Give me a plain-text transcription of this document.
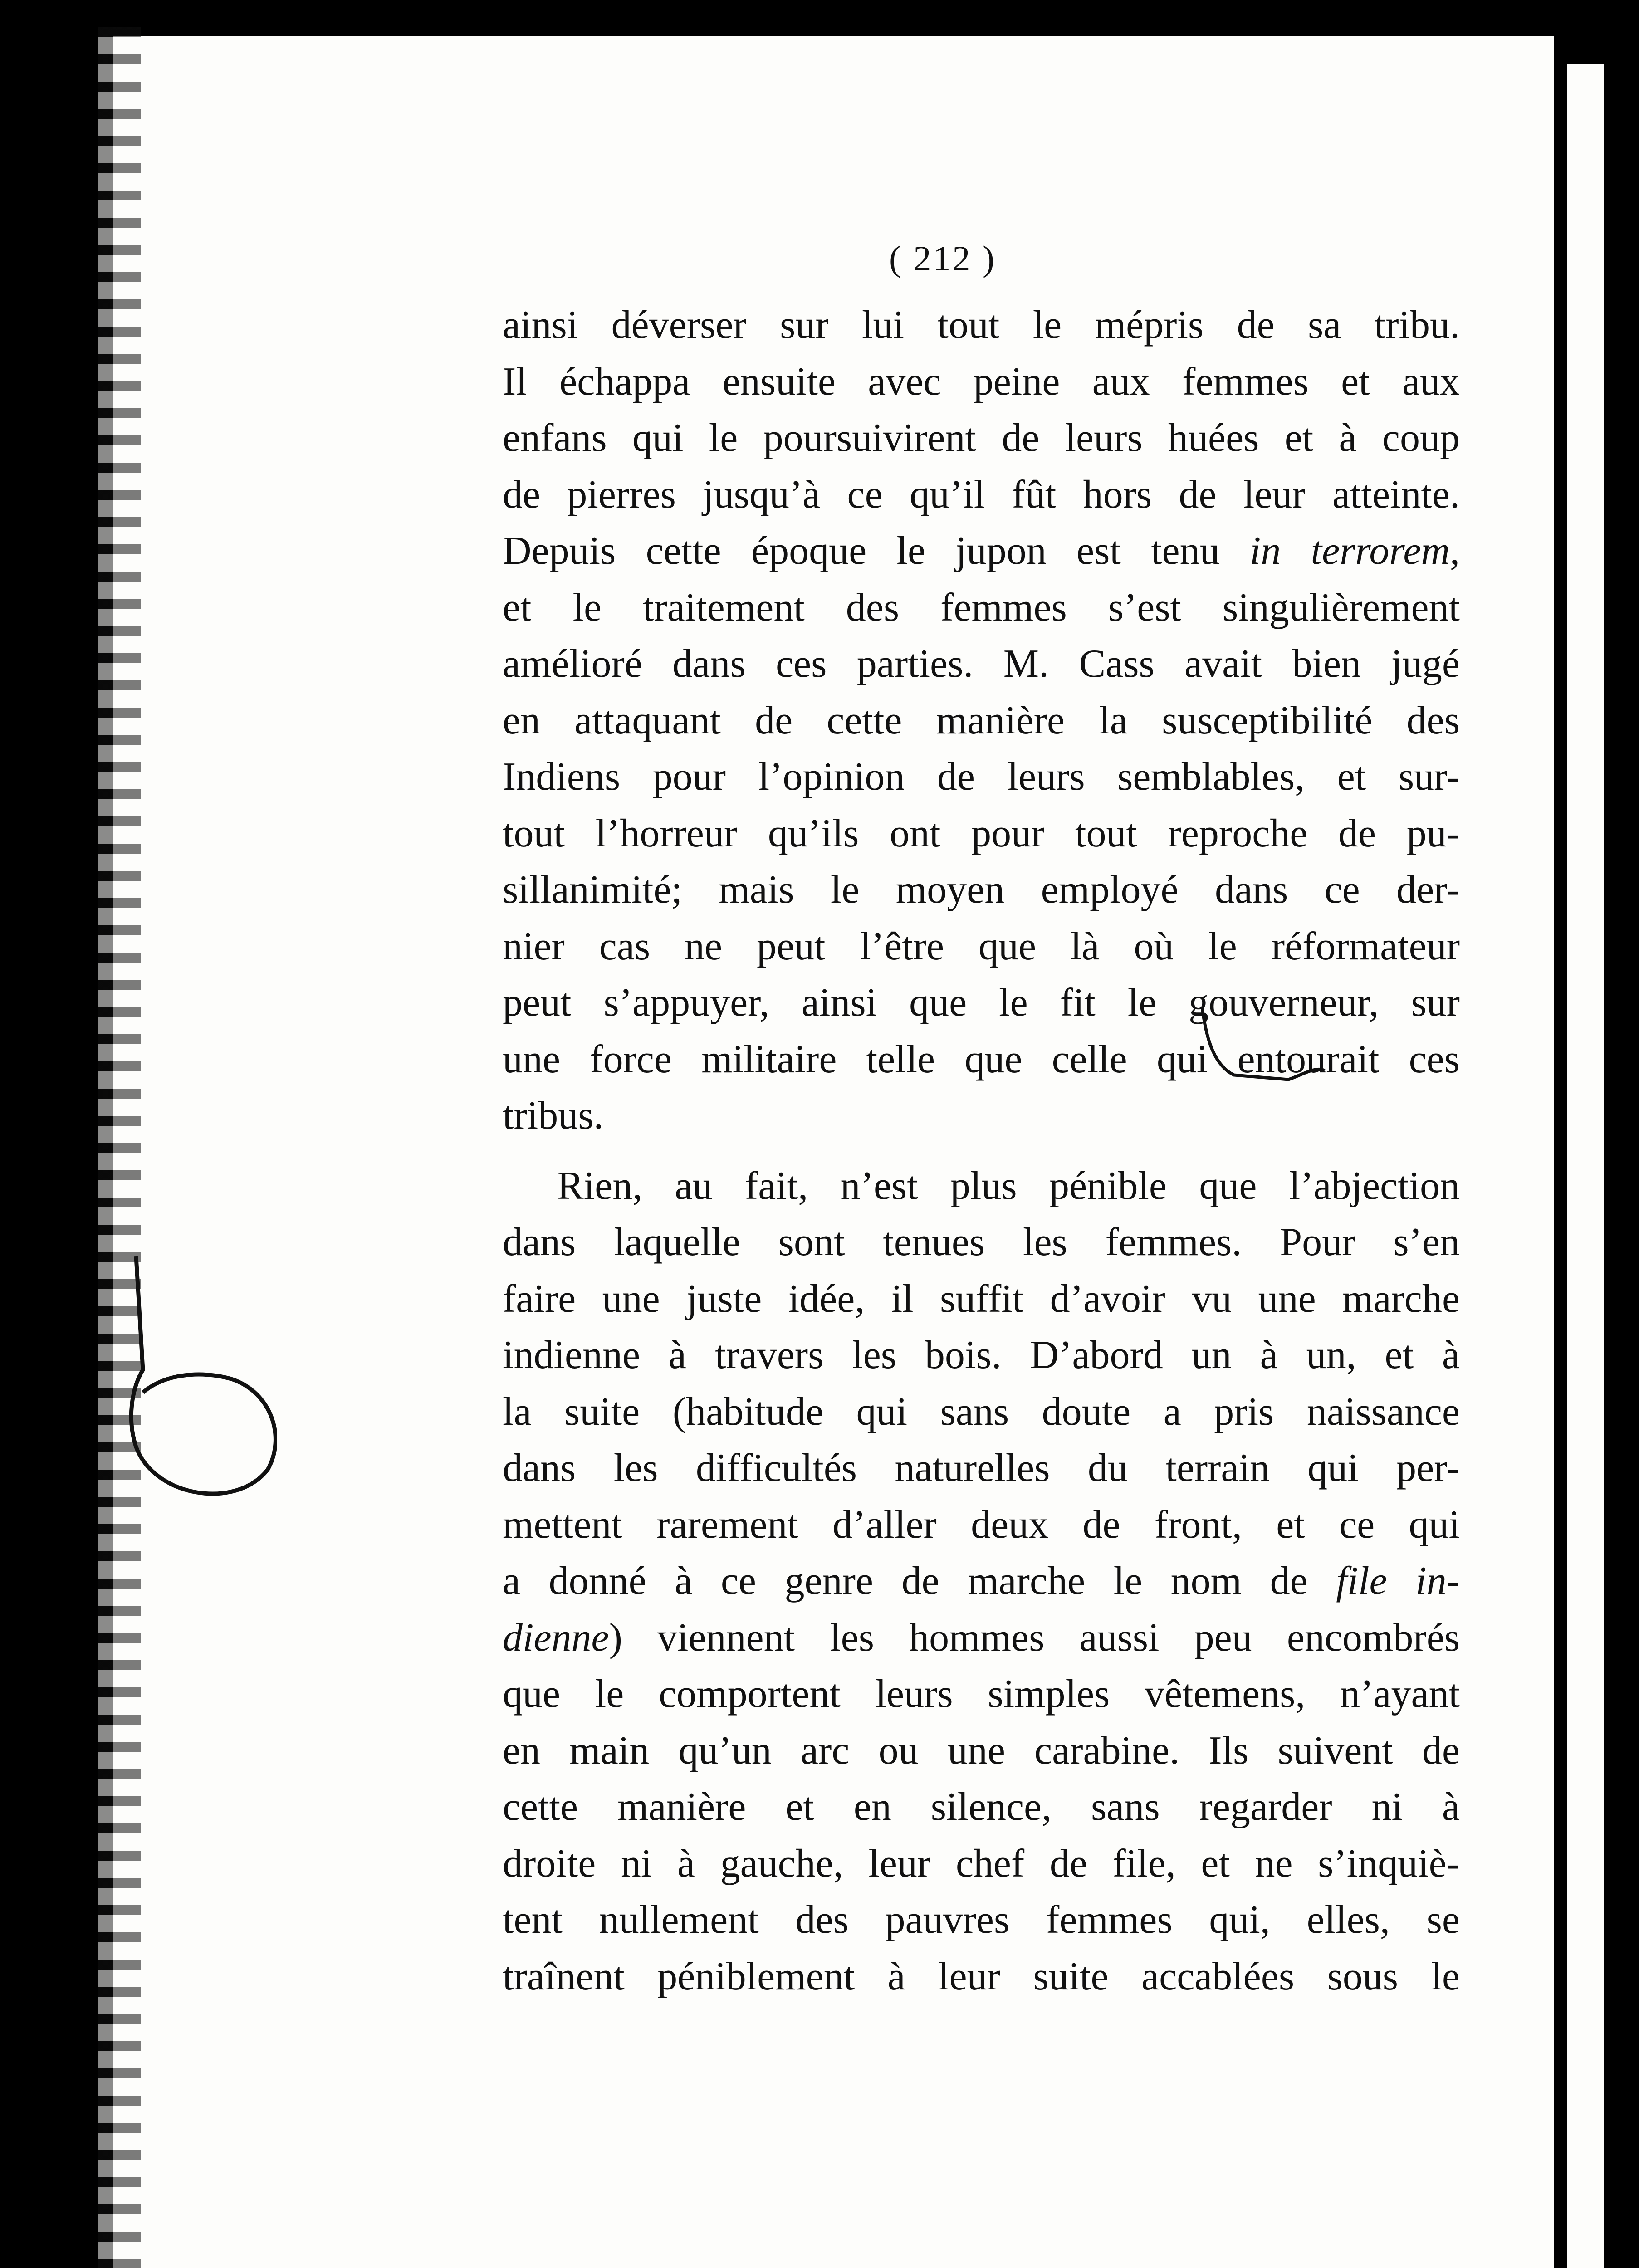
( 212 )
ainsi déverser sur lui tout le mépris de sa tribu.
Il échappa ensuite avec peine aux femmes et aux
enfans qui le poursuivirent de leurs huées et à coup
de pierres jusqu’à ce qu’il fût hors de leur atteinte.
Depuis cette époque le jupon est tenu in terrorem,
et le traitement des femmes s’est singulièrement
amélioré dans ces parties. M. Cass avait bien jugé
en attaquant de cette manière la susceptibilité des
Indiens pour l’opinion de leurs semblables, et sur-
tout l’horreur qu’ils ont pour tout reproche de pu-
sillanimité; mais le moyen employé dans ce der-
nier cas ne peut l’être que là où le réformateur
peut s’appuyer, ainsi que le fit le gouverneur, sur
une force militaire telle que celle qui entourait ces
tribus.
Rien, au fait, n’est plus pénible que l’abjection
dans laquelle sont tenues les femmes. Pour s’en
faire une juste idée, il suffit d’avoir vu une marche
indienne à travers les bois. D’abord un à un, et à
la suite (habitude qui sans doute a pris naissance
dans les difficultés naturelles du terrain qui per-
mettent rarement d’aller deux de front, et ce qui
a donné à ce genre de marche le nom de file in-
dienne) viennent les hommes aussi peu encombrés
que le comportent leurs simples vêtemens, n’ayant
en main qu’un arc ou une carabine. Ils suivent de
cette manière et en silence, sans regarder ni à
droite ni à gauche, leur chef de file, et ne s’inquiè-
tent nullement des pauvres femmes qui, elles, se
traînent péniblement à leur suite accablées sous le
